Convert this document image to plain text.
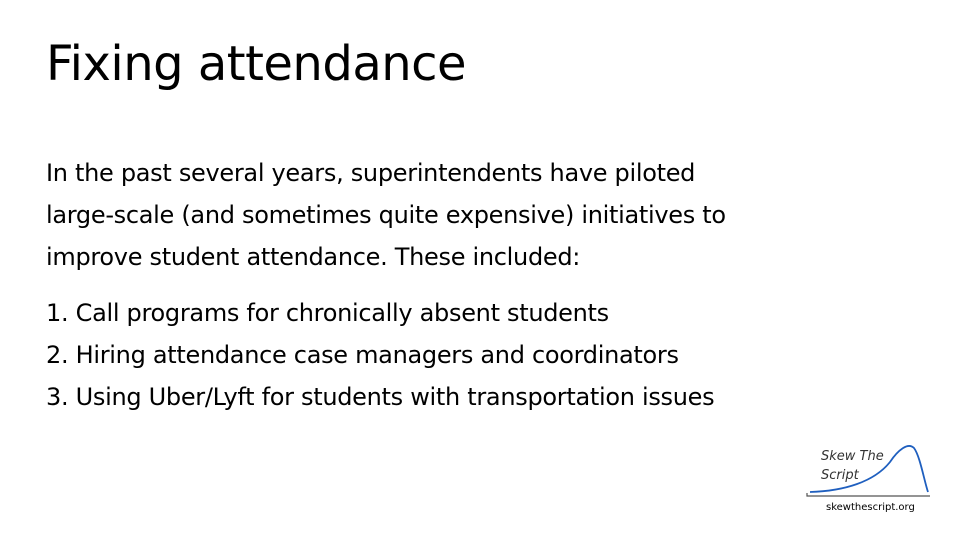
Fixing attendance
In the past several years, superintendents have piloted
large-scale (and sometimes quite expensive) initiatives to
improve student attendance. These included:
1. Call programs for chronically absent students
2. Hiring attendance case managers and coordinators
3. Using Uber/Lyft for students with transportation issues
Skew The
Script
skewthescript.org
